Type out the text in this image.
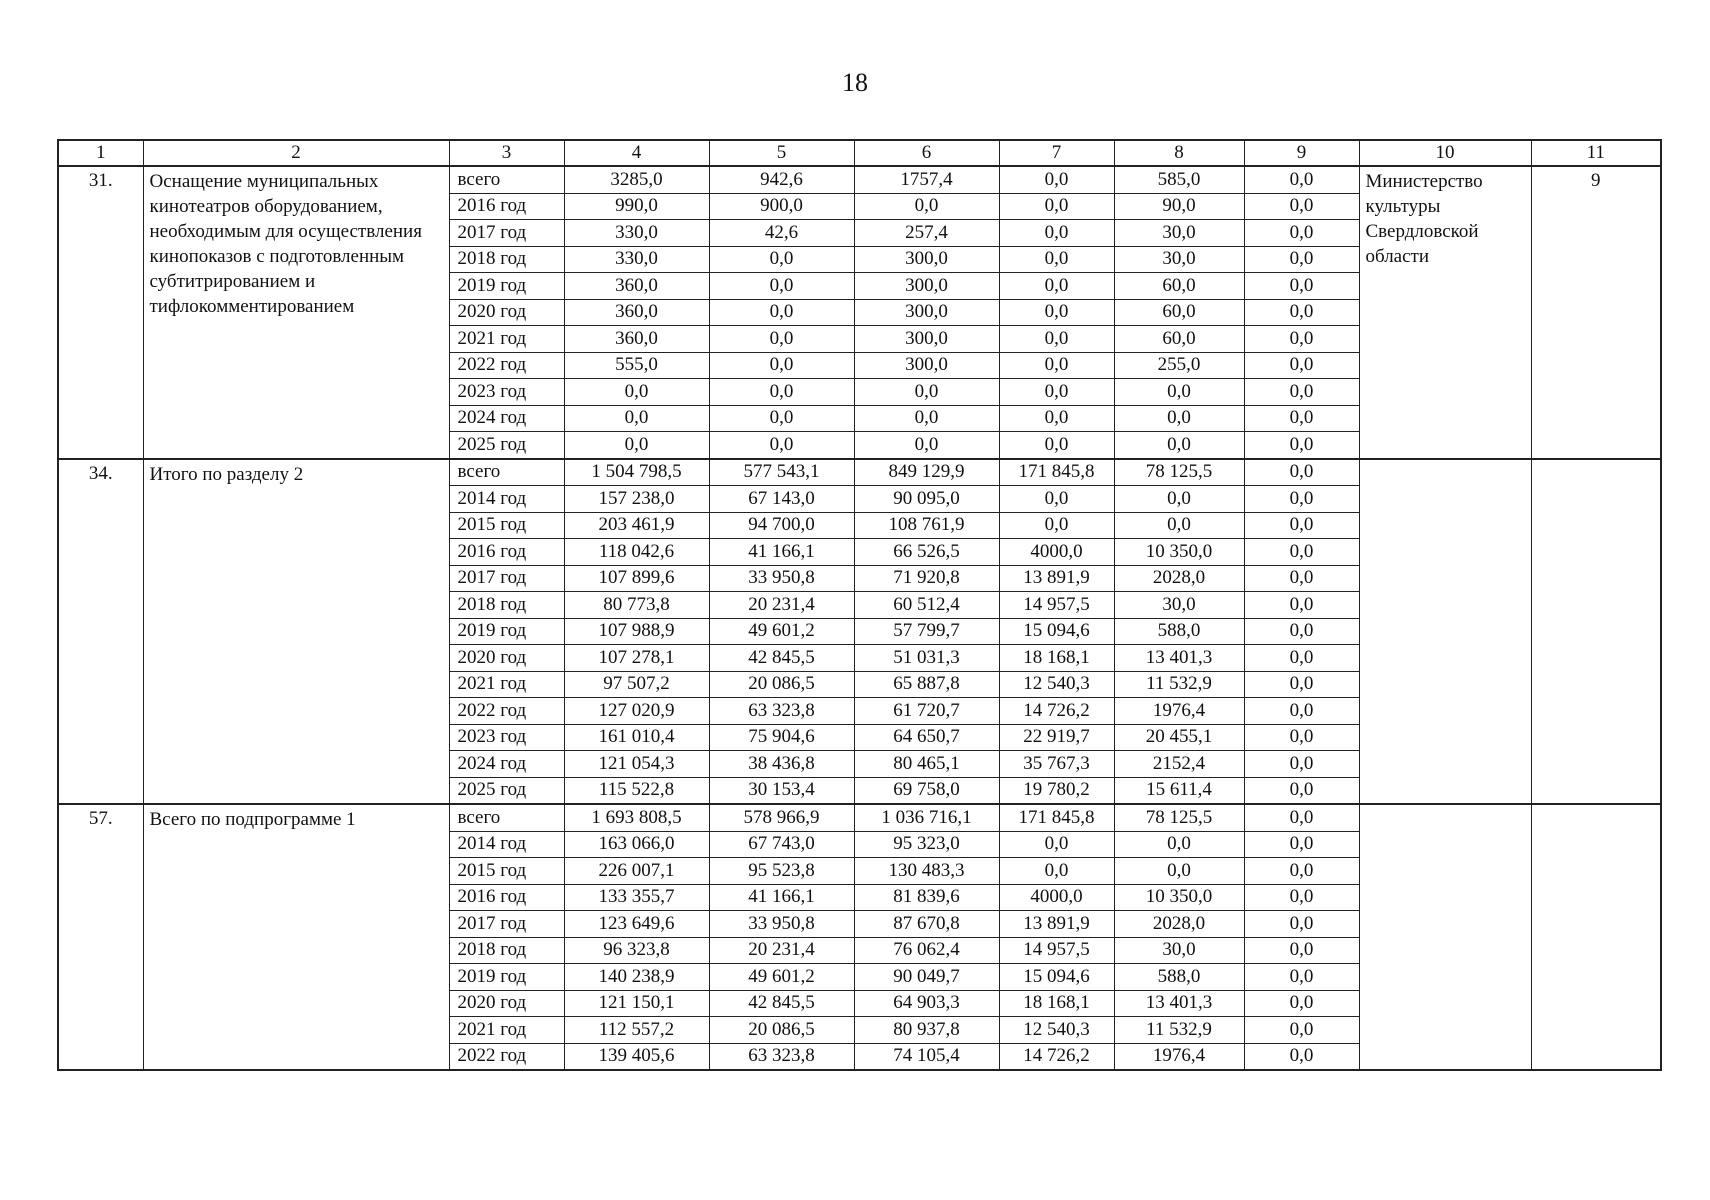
18
1	2	3	4	5	6	7	8	9	10	11
31.	Оснащение муниципальных кинотеатров оборудованием, необходимым для осуществления кинопоказов с подготовленным субтитрированием и тифлокомментированием	всего	3285,0	942,6	1757,4	0,0	585,0	0,0	Министерство культуры Свердловской области	9
		2016 год	990,0	900,0	0,0	0,0	90,0	0,0		
		2017 год	330,0	42,6	257,4	0,0	30,0	0,0		
		2018 год	330,0	0,0	300,0	0,0	30,0	0,0		
		2019 год	360,0	0,0	300,0	0,0	60,0	0,0		
		2020 год	360,0	0,0	300,0	0,0	60,0	0,0		
		2021 год	360,0	0,0	300,0	0,0	60,0	0,0		
		2022 год	555,0	0,0	300,0	0,0	255,0	0,0		
		2023 год	0,0	0,0	0,0	0,0	0,0	0,0		
		2024 год	0,0	0,0	0,0	0,0	0,0	0,0		
		2025 год	0,0	0,0	0,0	0,0	0,0	0,0		
34.	Итого по разделу 2	всего	1 504 798,5	577 543,1	849 129,9	171 845,8	78 125,5	0,0		
		2014 год	157 238,0	67 143,0	90 095,0	0,0	0,0	0,0		
		2015 год	203 461,9	94 700,0	108 761,9	0,0	0,0	0,0		
		2016 год	118 042,6	41 166,1	66 526,5	4000,0	10 350,0	0,0		
		2017 год	107 899,6	33 950,8	71 920,8	13 891,9	2028,0	0,0		
		2018 год	80 773,8	20 231,4	60 512,4	14 957,5	30,0	0,0		
		2019 год	107 988,9	49 601,2	57 799,7	15 094,6	588,0	0,0		
		2020 год	107 278,1	42 845,5	51 031,3	18 168,1	13 401,3	0,0		
		2021 год	97 507,2	20 086,5	65 887,8	12 540,3	11 532,9	0,0		
		2022 год	127 020,9	63 323,8	61 720,7	14 726,2	1976,4	0,0		
		2023 год	161 010,4	75 904,6	64 650,7	22 919,7	20 455,1	0,0		
		2024 год	121 054,3	38 436,8	80 465,1	35 767,3	2152,4	0,0		
		2025 год	115 522,8	30 153,4	69 758,0	19 780,2	15 611,4	0,0		
57.	Всего по подпрограмме 1	всего	1 693 808,5	578 966,9	1 036 716,1	171 845,8	78 125,5	0,0		
		2014 год	163 066,0	67 743,0	95 323,0	0,0	0,0	0,0		
		2015 год	226 007,1	95 523,8	130 483,3	0,0	0,0	0,0		
		2016 год	133 355,7	41 166,1	81 839,6	4000,0	10 350,0	0,0		
		2017 год	123 649,6	33 950,8	87 670,8	13 891,9	2028,0	0,0		
		2018 год	96 323,8	20 231,4	76 062,4	14 957,5	30,0	0,0		
		2019 год	140 238,9	49 601,2	90 049,7	15 094,6	588,0	0,0		
		2020 год	121 150,1	42 845,5	64 903,3	18 168,1	13 401,3	0,0		
		2021 год	112 557,2	20 086,5	80 937,8	12 540,3	11 532,9	0,0		
		2022 год	139 405,6	63 323,8	74 105,4	14 726,2	1976,4	0,0		
